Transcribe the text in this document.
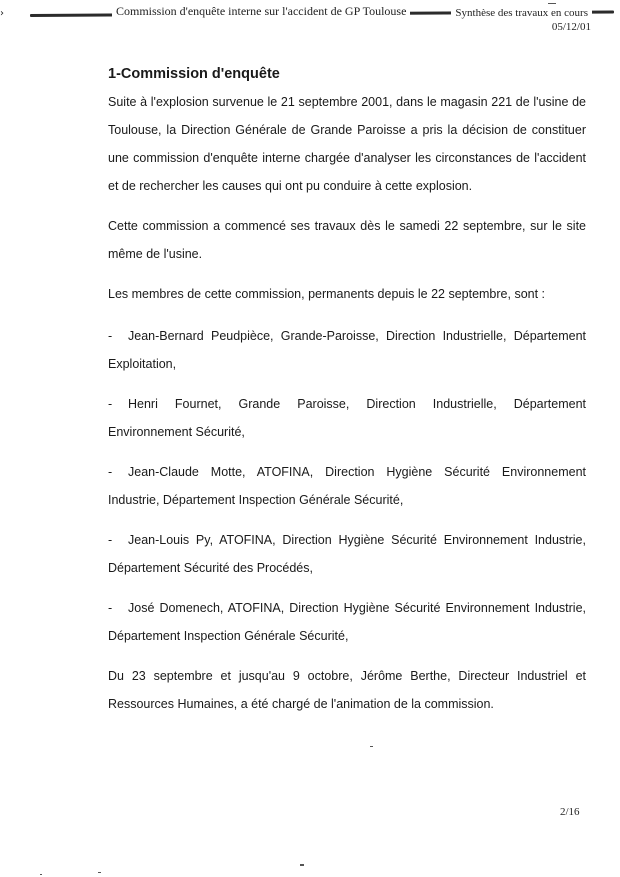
›	Commission d'enquête interne sur l'accident de GP Toulouse	Synthèse des travaux en cours
05/12/01
1-Commission d'enquête

Suite à l'explosion survenue le 21 septembre 2001, dans le magasin 221 de l'usine de Toulouse, la Direction Générale de Grande Paroisse a pris la décision de constituer une commission d'enquête interne chargée d'analyser les circonstances de l'accident et de rechercher les causes qui ont pu conduire à cette explosion.

Cette commission a commencé ses travaux dès le samedi 22 septembre, sur le site même de l'usine.

Les membres de cette commission, permanents depuis le 22 septembre, sont :

- Jean-Bernard Peudpièce, Grande-Paroisse, Direction Industrielle, Département Exploitation,
- Henri Fournet, Grande Paroisse, Direction Industrielle, Département Environnement Sécurité,
- Jean-Claude Motte, ATOFINA, Direction Hygiène Sécurité Environnement Industrie, Département Inspection Générale Sécurité,
- Jean-Louis Py, ATOFINA, Direction Hygiène Sécurité Environnement Industrie, Département Sécurité des Procédés,
- José Domenech, ATOFINA, Direction Hygiène Sécurité Environnement Industrie, Département Inspection Générale Sécurité,

Du 23 septembre et jusqu'au 9 octobre, Jérôme Berthe, Directeur Industriel et Ressources Humaines, a été chargé de l'animation de la commission.

2/16
